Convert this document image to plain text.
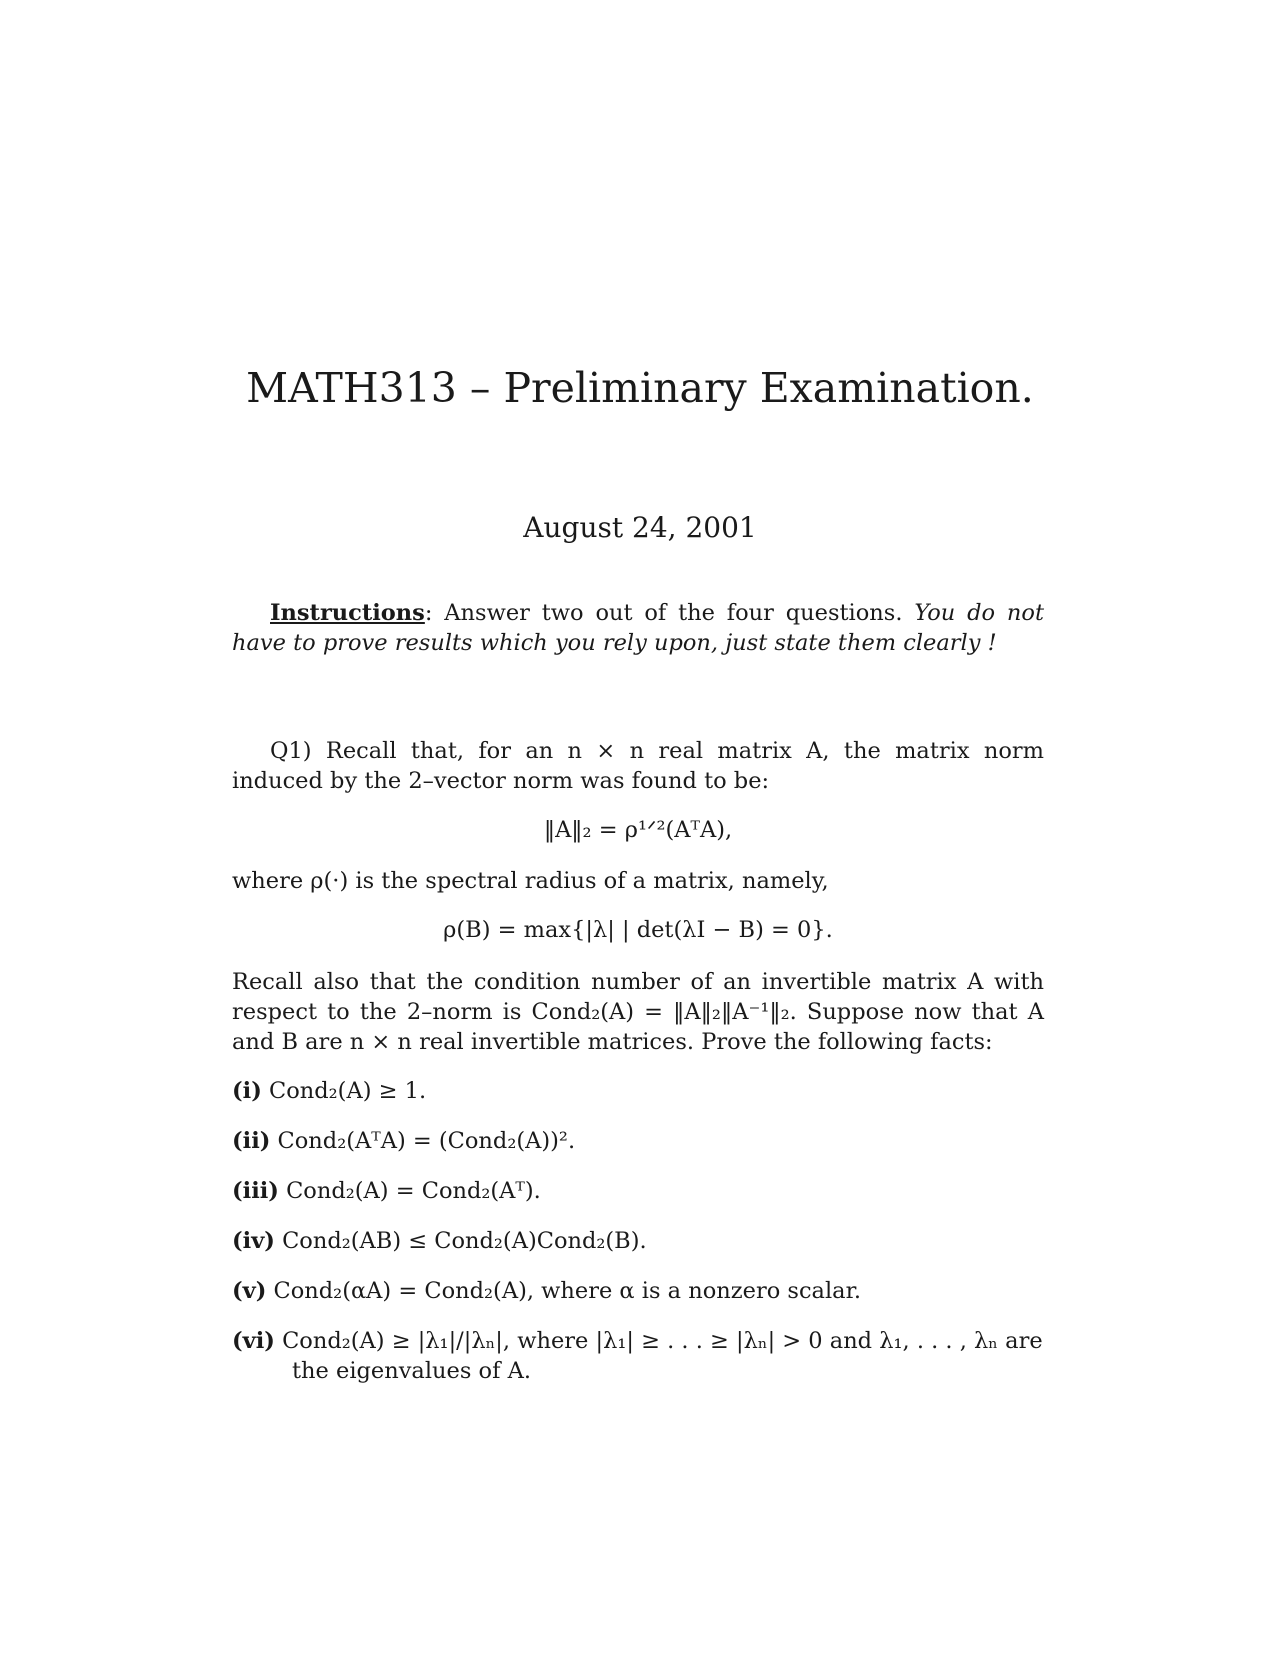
MATH313 – Preliminary Examination.
August 24, 2001
Instructions: Answer two out of the four questions. You do not have to prove results which you rely upon, just state them clearly !
Q1) Recall that, for an n × n real matrix A, the matrix norm induced by the 2–vector norm was found to be:
‖A‖₂ = ρ¹ᐟ²(AᵀA),
where ρ(·) is the spectral radius of a matrix, namely,
ρ(B) = max{|λ| | det(λI − B) = 0}.
Recall also that the condition number of an invertible matrix A with respect to the 2–norm is Cond₂(A) = ‖A‖₂‖A⁻¹‖₂. Suppose now that A and B are n × n real invertible matrices. Prove the following facts:
(i) Cond₂(A) ≥ 1.
(ii) Cond₂(AᵀA) = (Cond₂(A))².
(iii) Cond₂(A) = Cond₂(Aᵀ).
(iv) Cond₂(AB) ≤ Cond₂(A)Cond₂(B).
(v) Cond₂(αA) = Cond₂(A), where α is a nonzero scalar.
(vi) Cond₂(A) ≥ |λ₁|/|λₙ|, where |λ₁| ≥ . . . ≥ |λₙ| > 0 and λ₁, . . . , λₙ are
the eigenvalues of A.
